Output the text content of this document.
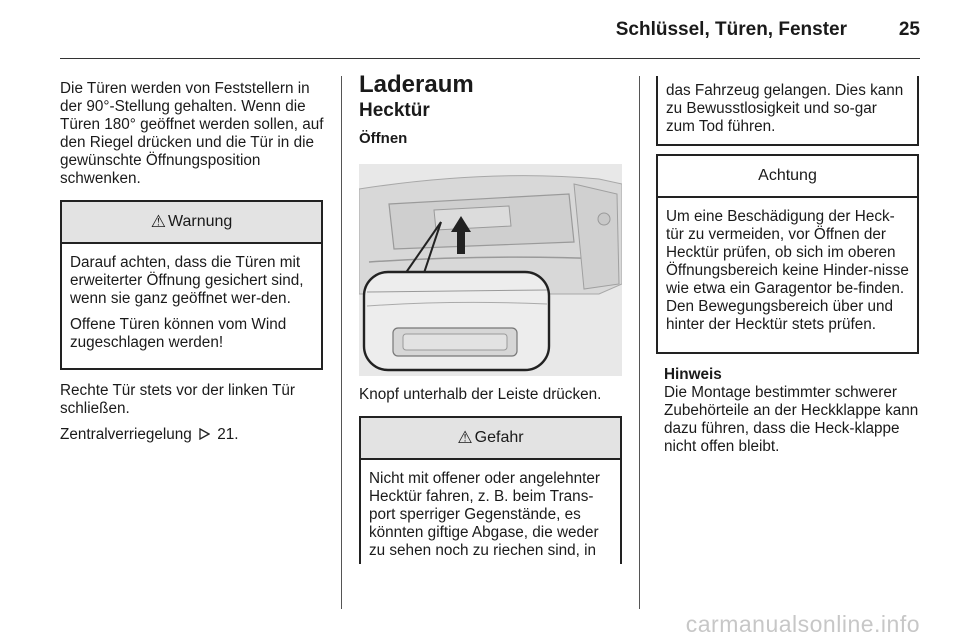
Schlüssel, Türen, Fenster	25

Die Türen werden von Feststellern in der 90°-Stellung gehalten. Wenn die Türen 180° geöffnet werden sollen, auf den Riegel drücken und die Tür in die gewünschte Öffnungsposition schwenken.

⚠ Warnung

Darauf achten, dass die Türen mit erweiterter Öffnung gesichert sind, wenn sie ganz geöffnet wer-den.

Offene Türen können vom Wind zugeschlagen werden!

Rechte Tür stets vor der linken Tür schließen.

Zentralverriegelung 21.

Laderaum
Hecktür
Öffnen

Knopf unterhalb der Leiste drücken.

⚠ Gefahr

Nicht mit offener oder angelehnter Hecktür fahren, z. B. beim Trans-port sperriger Gegenstände, es könnten giftige Abgase, die weder zu sehen noch zu riechen sind, in

das Fahrzeug gelangen. Dies kann zu Bewusstlosigkeit und so-gar zum Tod führen.

Achtung

Um eine Beschädigung der Heck-tür zu vermeiden, vor Öffnen der Hecktür prüfen, ob sich im oberen Öffnungsbereich keine Hinder-nisse wie etwa ein Garagentor be-finden. Den Bewegungsbereich über und hinter der Hecktür stets prüfen.

Hinweis

Die Montage bestimmter schwerer Zubehörteile an der Heckklappe kann dazu führen, dass die Heck-klappe nicht offen bleibt.

carmanualsonline.info
